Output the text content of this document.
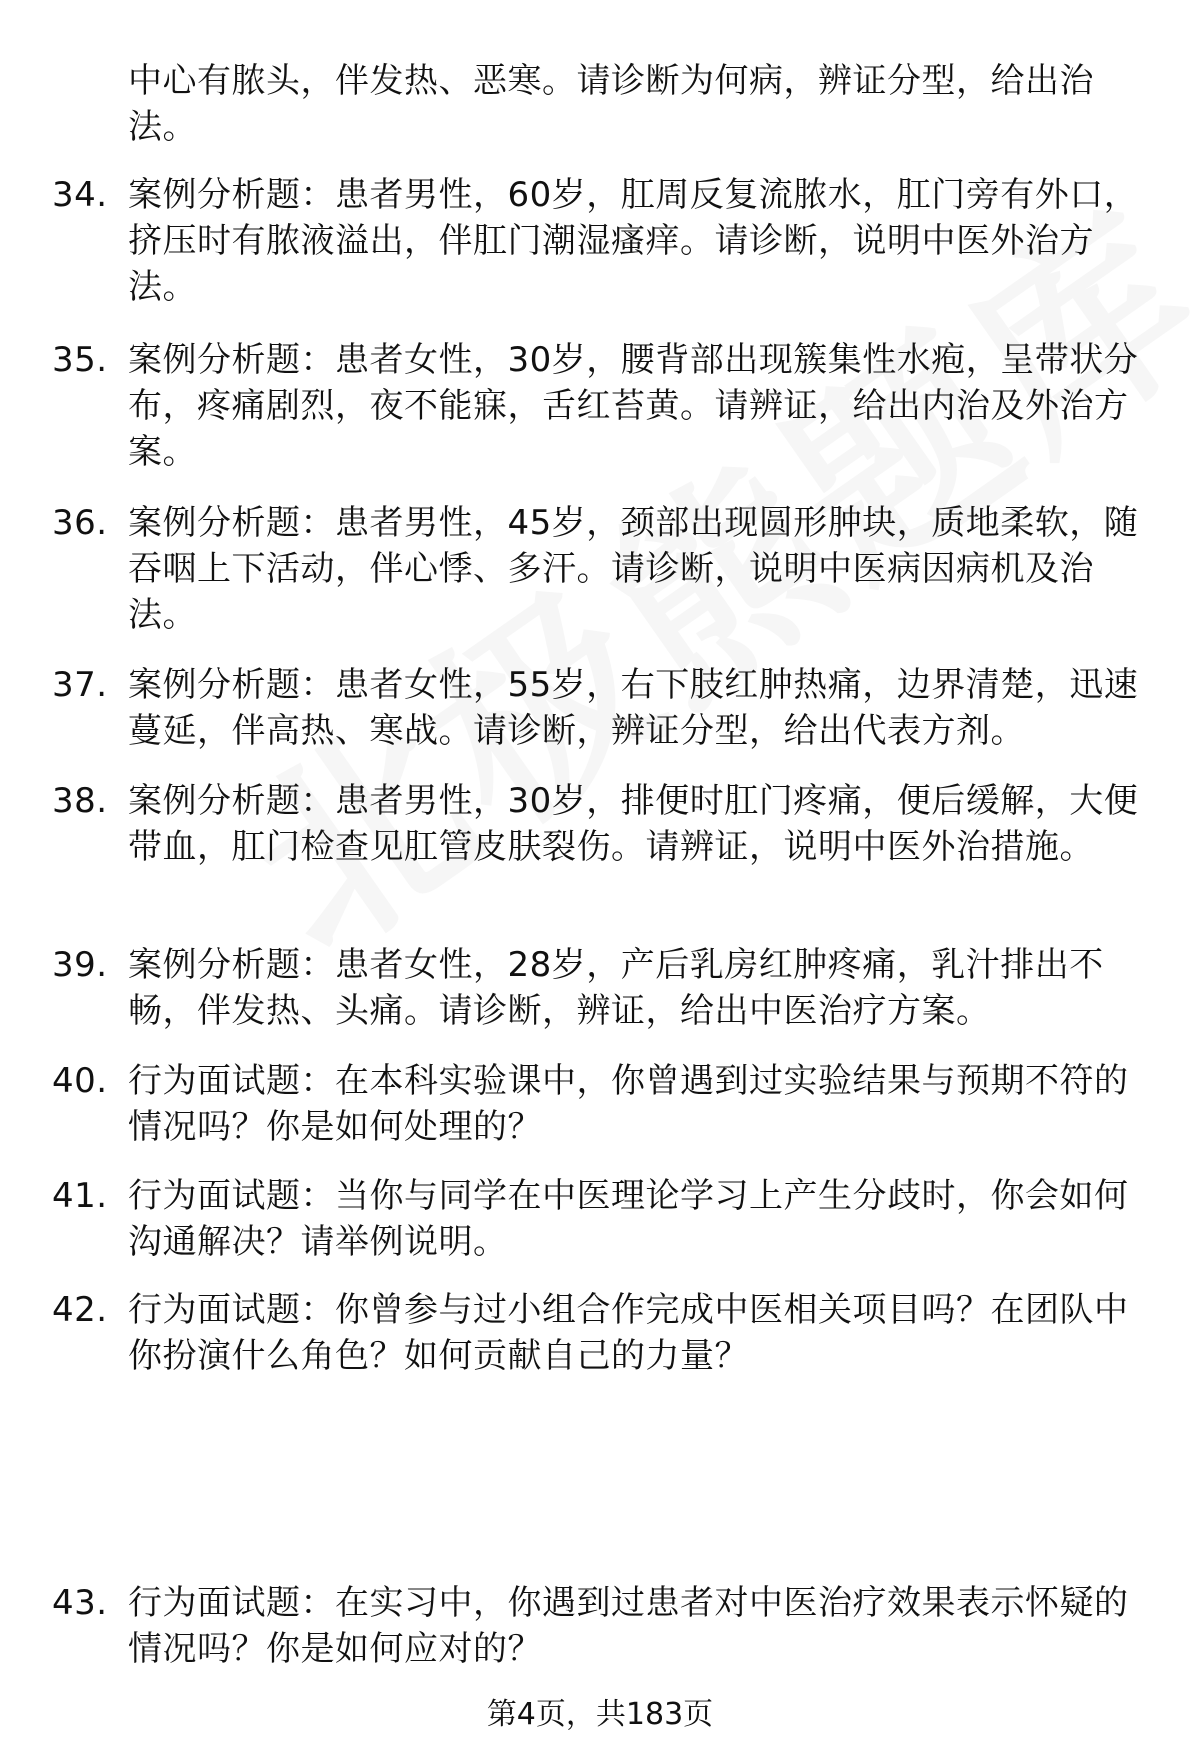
中心有脓头，伴发热、恶寒。请诊断为何病，辨证分型，给出治法。
34. 案例分析题：患者男性，60岁，肛周反复流脓水，肛门旁有外口，挤压时有脓液溢出，伴肛门潮湿瘙痒。请诊断，说明中医外治方法。
35. 案例分析题：患者女性，30岁，腰背部出现簇集性水疱，呈带状分布，疼痛剧烈，夜不能寐，舌红苔黄。请辨证，给出内治及外治方案。
36. 案例分析题：患者男性，45岁，颈部出现圆形肿块，质地柔软，随吞咽上下活动，伴心悸、多汗。请诊断，说明中医病因病机及治法。
37. 案例分析题：患者女性，55岁，右下肢红肿热痛，边界清楚，迅速蔓延，伴高热、寒战。请诊断，辨证分型，给出代表方剂。
38. 案例分析题：患者男性，30岁，排便时肛门疼痛，便后缓解，大便带血，肛门检查见肛管皮肤裂伤。请辨证，说明中医外治措施。
39. 案例分析题：患者女性，28岁，产后乳房红肿疼痛，乳汁排出不畅，伴发热、头痛。请诊断，辨证，给出中医治疗方案。
40. 行为面试题：在本科实验课中，你曾遇到过实验结果与预期不符的情况吗？你是如何处理的？
41. 行为面试题：当你与同学在中医理论学习上产生分歧时，你会如何沟通解决？请举例说明。
42. 行为面试题：你曾参与过小组合作完成中医相关项目吗？在团队中你扮演什么角色？如何贡献自己的力量？
43. 行为面试题：在实习中，你遇到过患者对中医治疗效果表示怀疑的情况吗？你是如何应对的？
第4页，共183页
